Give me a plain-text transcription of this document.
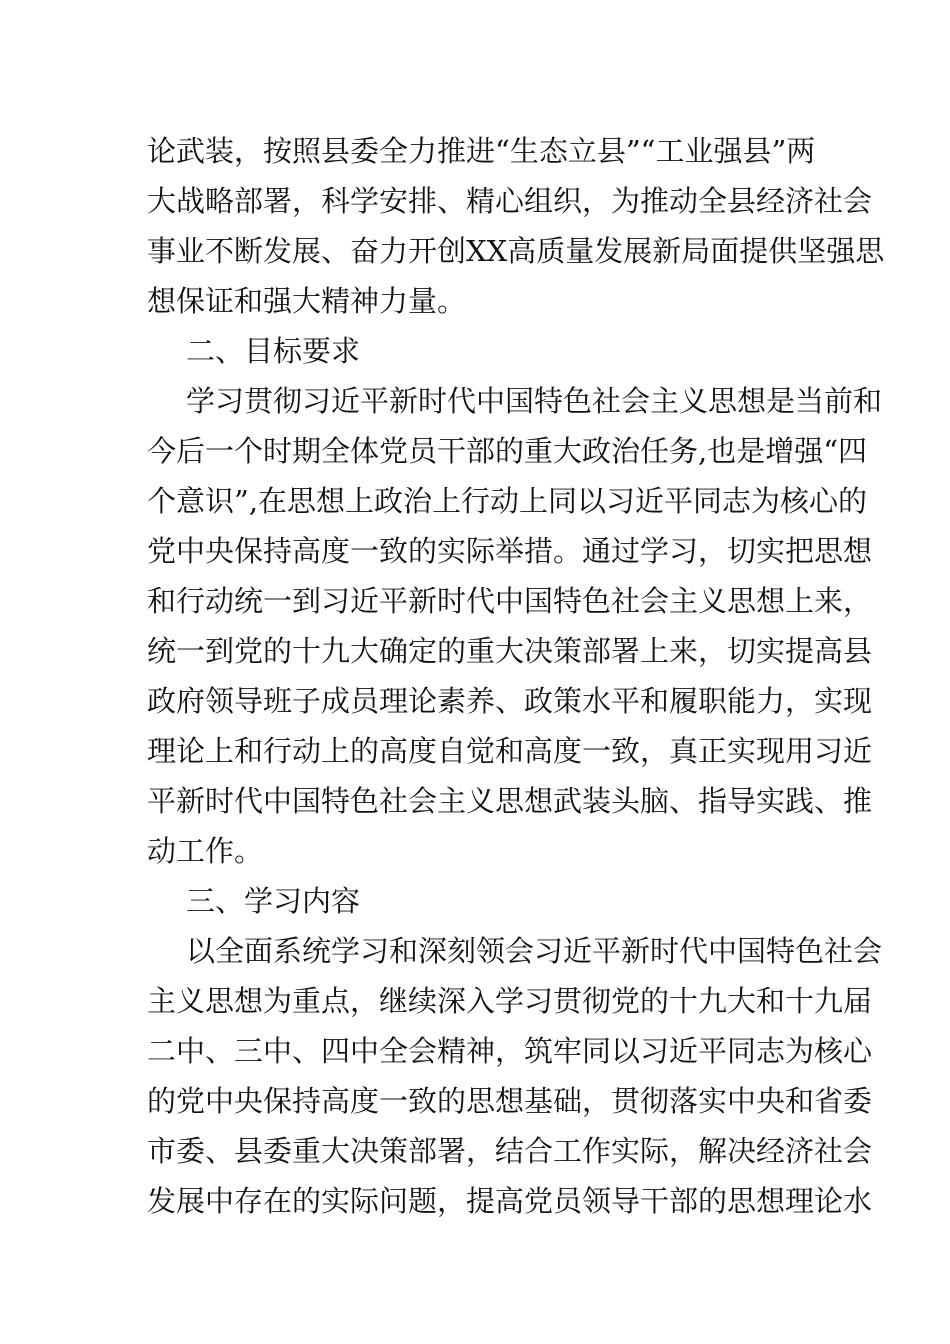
论武装，按照县委全力推进“生态立县”“工业强县”两
大战略部署，科学安排、精心组织，为推动全县经济社会
事业不断发展、奋力开创XX高质量发展新局面提供坚强思
想保证和强大精神力量。
二、目标要求
学习贯彻习近平新时代中国特色社会主义思想是当前和
今后一个时期全体党员干部的重大政治任务,也是增强“四
个意识”,在思想上政治上行动上同以习近平同志为核心的
党中央保持高度一致的实际举措。通过学习，切实把思想
和行动统一到习近平新时代中国特色社会主义思想上来，
统一到党的十九大确定的重大决策部署上来，切实提高县
政府领导班子成员理论素养、政策水平和履职能力，实现
理论上和行动上的高度自觉和高度一致，真正实现用习近
平新时代中国特色社会主义思想武装头脑、指导实践、推
动工作。
三、学习内容
以全面系统学习和深刻领会习近平新时代中国特色社会
主义思想为重点，继续深入学习贯彻党的十九大和十九届
二中、三中、四中全会精神，筑牢同以习近平同志为核心
的党中央保持高度一致的思想基础，贯彻落实中央和省委
市委、县委重大决策部署，结合工作实际，解决经济社会
发展中存在的实际问题，提高党员领导干部的思想理论水
